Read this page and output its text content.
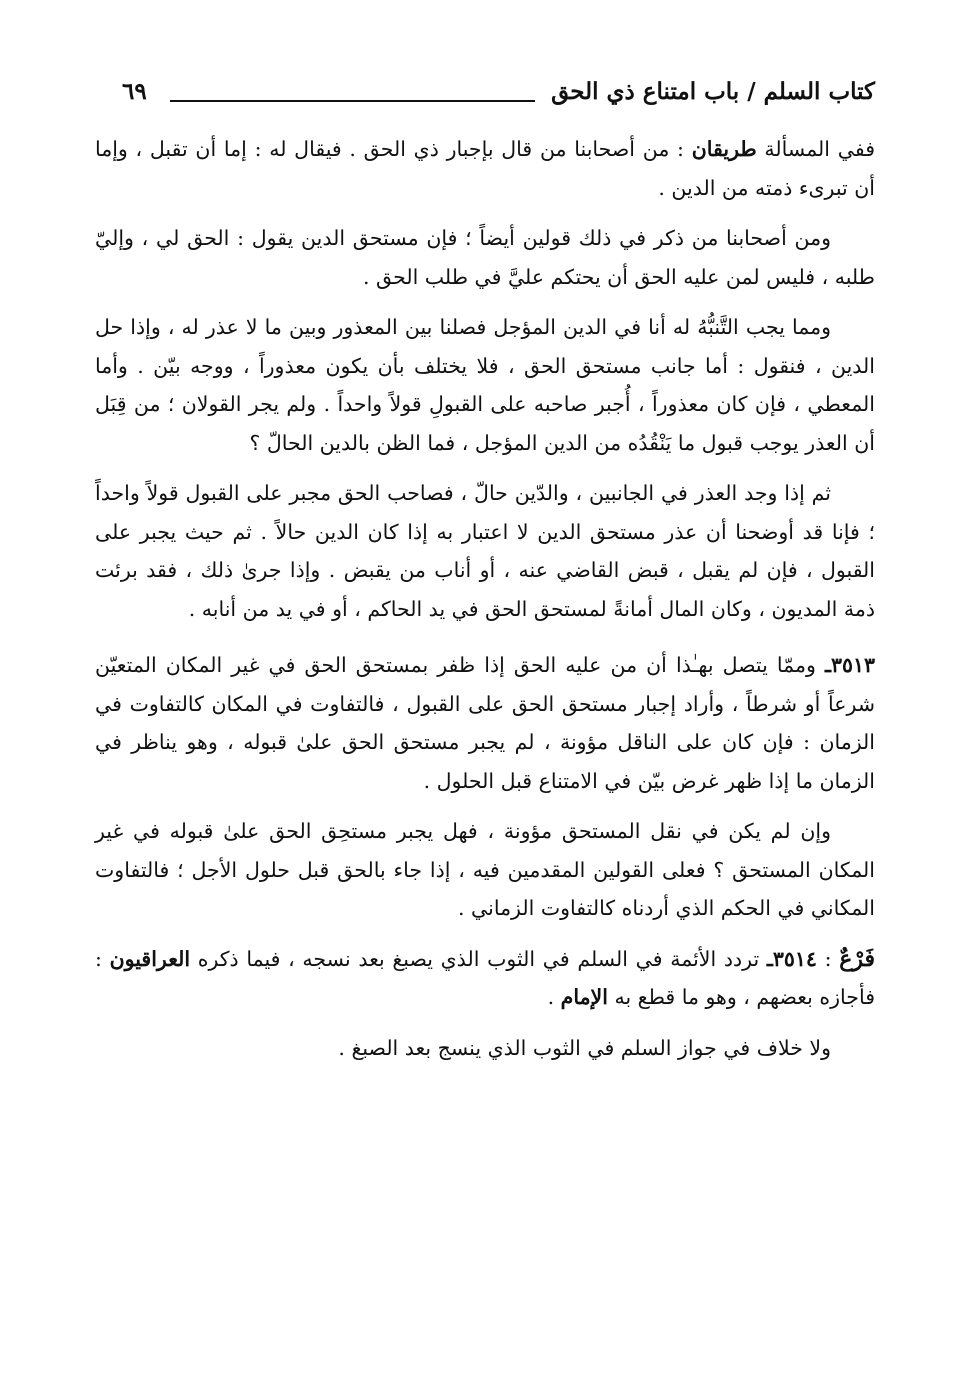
كتاب السلم / باب امتناع ذي الحق
٦٩

ففي المسألة طريقان : من أصحابنا من قال بإجبار ذي الحق . فيقال له : إما أن تقبل ، وإما أن تبرىء ذمته من الدين .

ومن أصحابنا من ذكر في ذلك قولين أيضاً ؛ فإن مستحق الدين يقول : الحق لي ، وإليّ طلبه ، فليس لمن عليه الحق أن يحتكم عليَّ في طلب الحق .

ومما يجب التَّنبُّهُ له أنا في الدين المؤجل فصلنا بين المعذور وبين ما لا عذر له ، وإذا حل الدين ، فنقول : أما جانب مستحق الحق ، فلا يختلف بأن يكون معذوراً ، ووجه بيّن . وأما المعطي ، فإن كان معذوراً ، أُجبر صاحبه على القبولِ قولاً واحداً . ولم يجر القولان ؛ من قِبَل أن العذر يوجب قبول ما يَنْقُدُه من الدين المؤجل ، فما الظن بالدين الحالّ ؟

ثم إذا وجد العذر في الجانبين ، والدّين حالّ ، فصاحب الحق مجبر على القبول قولاً واحداً ؛ فإنا قد أوضحنا أن عذر مستحق الدين لا اعتبار به إذا كان الدين حالاً . ثم حيث يجبر على القبول ، فإن لم يقبل ، قبض القاضي عنه ، أو أناب من يقبض . وإذا جرىٰ ذلك ، فقد برئت ذمة المديون ، وكان المال أمانةً لمستحق الحق في يد الحاكم ، أو في يد من أنابه .

٣٥١٣ـ وممّا يتصل بهـٰذا أن من عليه الحق إذا ظفر بمستحق الحق في غير المكان المتعيّن شرعاً أو شرطاً ، وأراد إجبار مستحق الحق على القبول ، فالتفاوت في المكان كالتفاوت في الزمان : فإن كان على الناقل مؤونة ، لم يجبر مستحق الحق علىٰ قبوله ، وهو يناظر في الزمان ما إذا ظهر غرض بيّن في الامتناع قبل الحلول .

وإن لم يكن في نقل المستحق مؤونة ، فهل يجبر مستحِق الحق علىٰ قبوله في غير المكان المستحق ؟ فعلى القولين المقدمين فيه ، إذا جاء بالحق قبل حلول الأجل ؛ فالتفاوت المكاني في الحكم الذي أردناه كالتفاوت الزماني .

فَرْعٌ : ٣٥١٤ـ تردد الأئمة في السلم في الثوب الذي يصبغ بعد نسجه ، فيما ذكره العراقيون : فأجازه بعضهم ، وهو ما قطع به الإمام .

ولا خلاف في جواز السلم في الثوب الذي ينسج بعد الصبغ .
